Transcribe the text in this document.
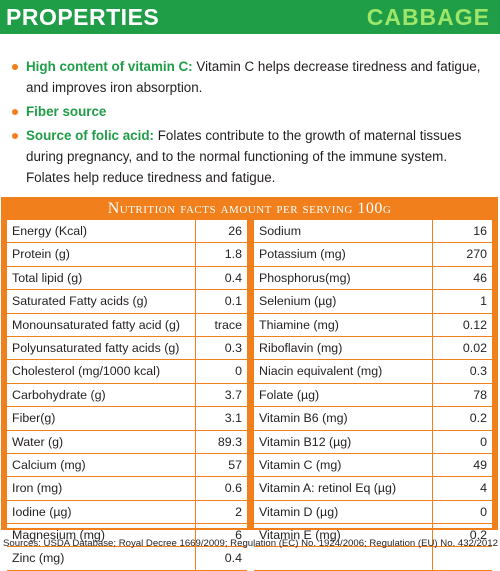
PROPERTIES	CABBAGE
High content of vitamin C: Vitamin C helps decrease tiredness and fatigue, and improves iron absorption.
Fiber source
Source of folic acid: Folates contribute to the growth of maternal tissues during pregnancy, and to the normal functioning of the immune system. Folates help reduce tiredness and fatigue.
Nutrition facts amount per serving 100g
Energy (Kcal)	26
Protein (g)	1.8
Total lipid (g)	0.4
Saturated Fatty acids (g)	0.1
Monounsaturated fatty acid (g)	trace
Polyunsaturated fatty acids (g)	0.3
Cholesterol (mg/1000 kcal)	0
Carbohydrate (g)	3.7
Fiber(g)	3.1
Water (g)	89.3
Calcium (mg)	57
Iron (mg)	0.6
Iodine (µg)	2
Magnesium (mg)	6
Zinc (mg)	0.4
Sodium	16
Potassium (mg)	270
Phosphorus(mg)	46
Selenium (µg)	1
Thiamine (mg)	0.12
Riboflavin (mg)	0.02
Niacin equivalent (mg)	0.3
Folate (µg)	78
Vitamin B6 (mg)	0.2
Vitamin B12 (µg)	0
Vitamin C (mg)	49
Vitamin A: retinol Eq (µg)	4
Vitamin D (µg)	0
Vitamin E (mg)	0.2
Sources: USDA Database; Royal Decree 1669/2009; Regulation (EC) No. 1924/2006; Regulation (EU) No. 432/2012
